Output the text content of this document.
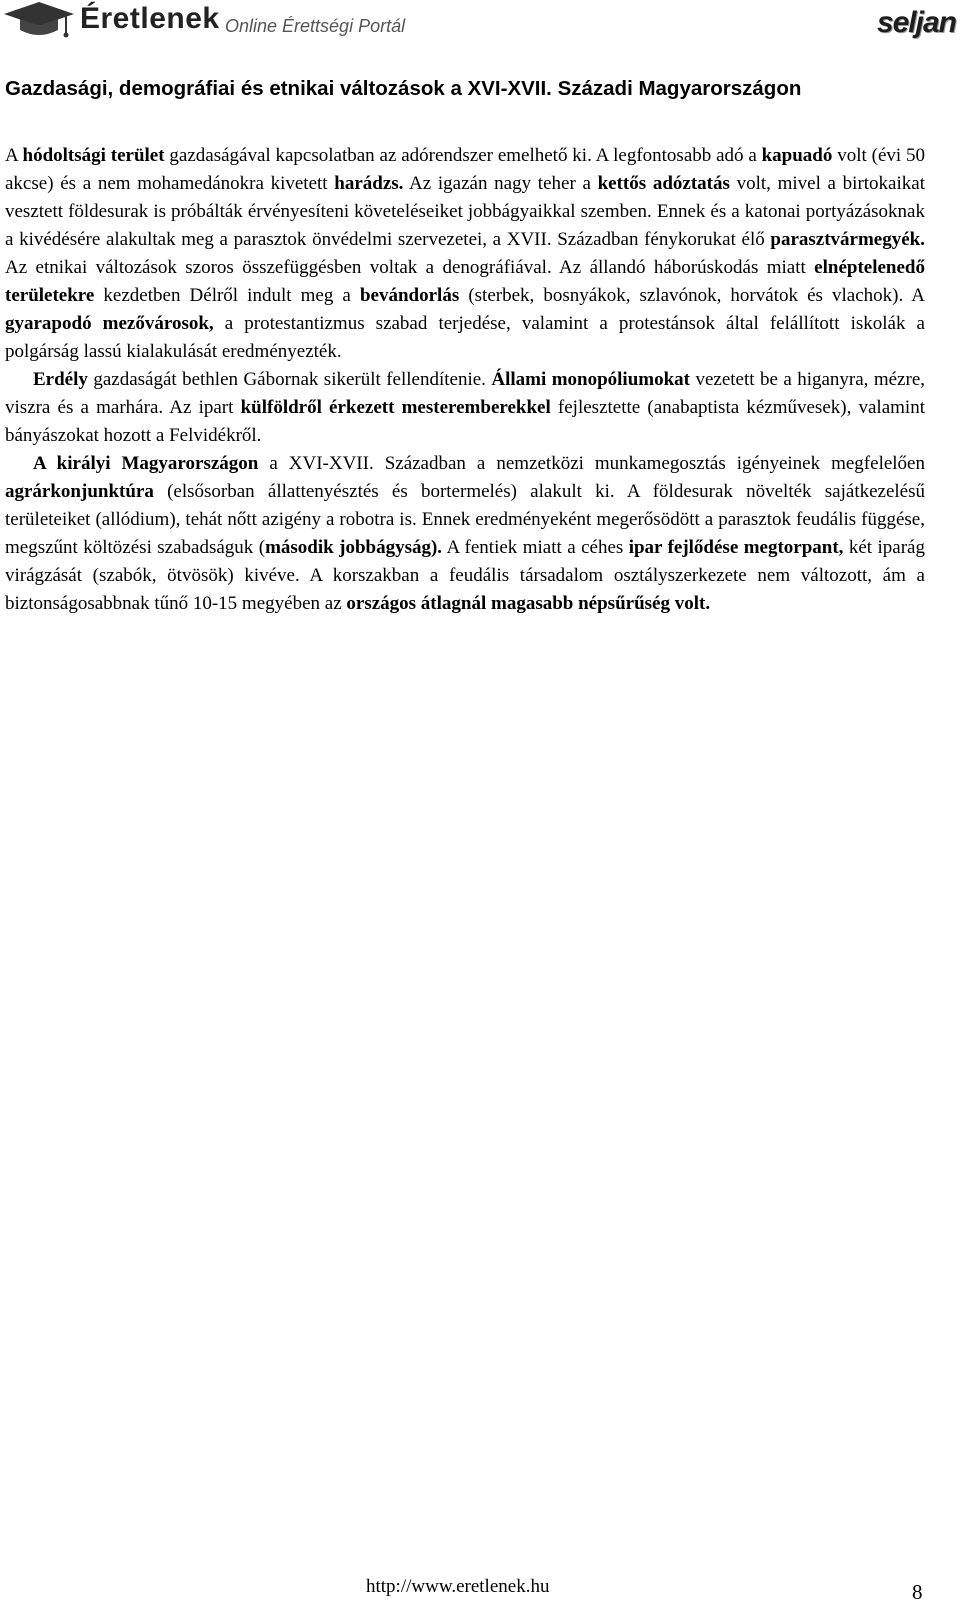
Éretlenek Online Érettségi Portál	seljan
Gazdasági, demográfiai és etnikai változások a XVI-XVII. Századi Magyarországon

A hódoltsági terület gazdaságával kapcsolatban az adórendszer emelhető ki. A legfontosabb adó a kapuadó volt (évi 50 akcse) és a nem mohamedánokra kivetett harádzs. Az igazán nagy teher a kettős adóztatás volt, mivel a birtokaikat vesztett földesurak is próbálták érvényesíteni követeléseiket jobbágyaikkal szemben. Ennek és a katonai portyázásoknak a kivédésére alakultak meg a parasztok önvédelmi szervezetei, a XVII. Században fénykorukat élő parasztvármegyék. Az etnikai változások szoros összefüggésben voltak a denográfiával. Az állandó háborúskodás miatt elnéptelenedő területekre kezdetben Délről indult meg a bevándorlás (sterbek, bosnyákok, szlavónok, horvátok és vlachok). A gyarapodó mezővárosok, a protestantizmus szabad terjedése, valamint a protestánsok által felállított iskolák a polgárság lassú kialakulását eredményezték.

Erdély gazdaságát bethlen Gábornak sikerült fellendítenie. Állami monopóliumokat vezetett be a higanyra, mézre, viszra és a marhára. Az ipart külföldről érkezett mesteremberekkel fejlesztette (anabaptista kézművesek), valamint bányászokat hozott a Felvidékről.

A királyi Magyarországon a XVI-XVII. Században a nemzetközi munkamegosztás igényeinek megfelelően agrárkonjunktúra (elsősorban állattenyésztés és bortermelés) alakult ki. A földesurak növelték sajátkezelésű területeiket (allódium), tehát nőtt azigény a robotra is. Ennek eredményeként megerősödött a parasztok feudális függése, megszűnt költözési szabadságuk (második jobbágyság). A fentiek miatt a céhes ipar fejlődése megtorpant, két iparág virágzását (szabók, ötvösök) kivéve. A korszakban a feudális társadalom osztályszerkezete nem változott, ám a biztonságosabbnak tűnő 10-15 megyében az országos átlagnál magasabb népsűrűség volt.

http://www.eretlenek.hu	8
